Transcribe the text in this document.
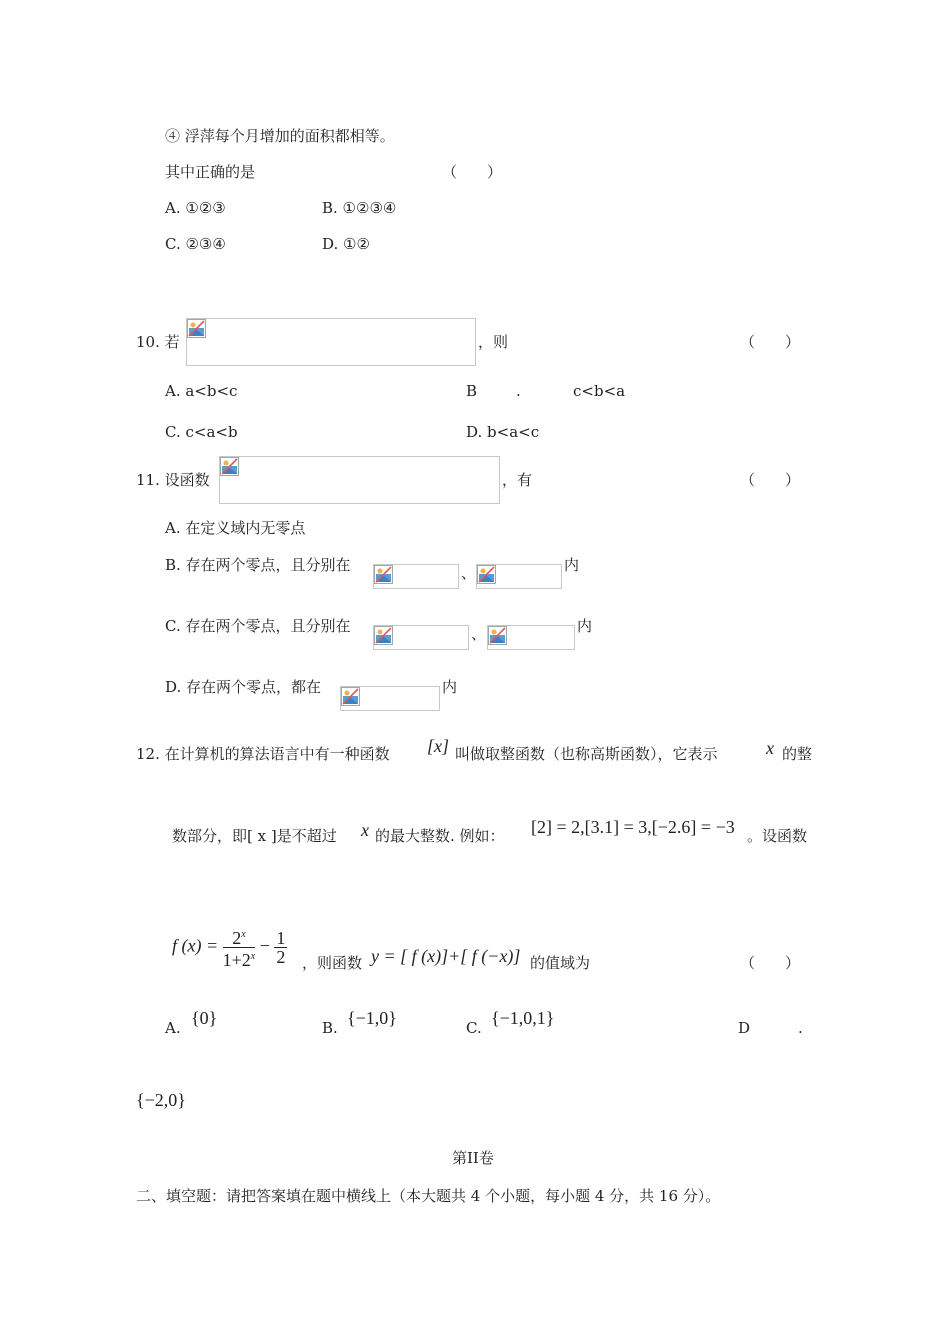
④ 浮萍每个月增加的面积都相等。
其中正确的是	（　　）
A. ①②③	B. ①②③④
C. ②③④	D. ①②
10. 若	，则	（　　）
A. a<b<c	B	.	c<b<a
C. c<a<b	D. b<a<c
11. 设函数	，有	（　　）
A. 在定义域内无零点
B. 存在两个零点，且分别在	、	内
C. 存在两个零点，且分别在	、	内
D. 存在两个零点，都在	内
12. 在计算机的算法语言中有一种函数 [x] 叫做取整函数（也称高斯函数），它表示	x 的整
数部分，即[ x ]是不超过 x 的最大整数. 例如： [2] = 2,[3.1] = 3,[−2.6] = −3 。设函数
f $(x) = \frac{2^x}{1+2^x} - \frac{1}{2}$ ，则函数 y = [ f (x)]+[ f (−x)] 的值域为	（　　）
A. {0}	B. {−1,0}	C. {−1,0,1}	D	.
{−2,0}
第II卷
二、填空题：请把答案填在题中横线上（本大题共 4 个小题，每小题 4 分，共 16 分）。
